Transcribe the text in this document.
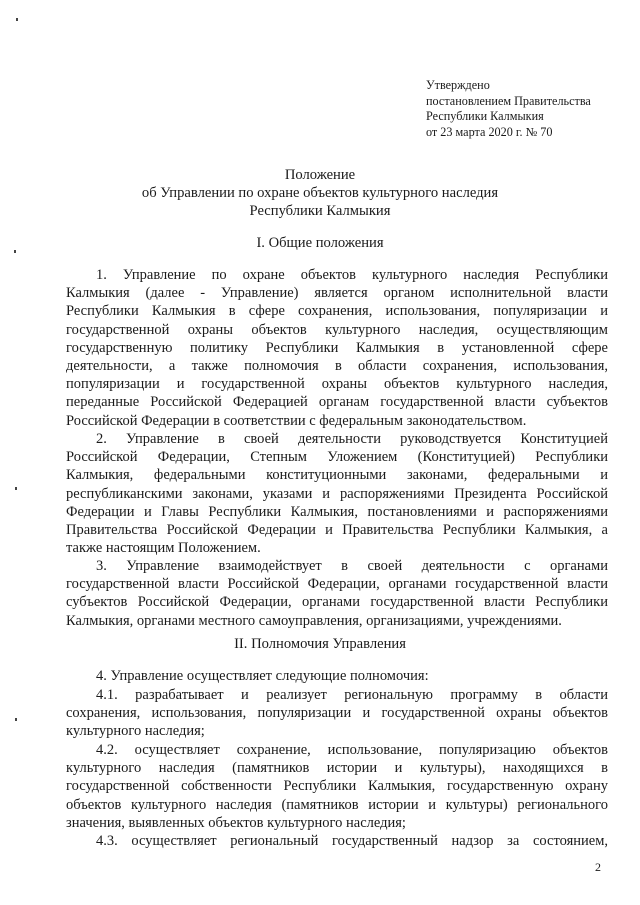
Утверждено
постановлением Правительства
Республики Калмыкия
от 23 марта 2020 г. № 70
Положение
об Управлении по охране объектов культурного наследия
Республики Калмыкия
I. Общие положения
1. Управление по охране объектов культурного наследия Республики
Калмыкия (далее - Управление) является органом исполнительной власти
Республики Калмыкия в сфере сохранения, использования, популяризации и
государственной охраны объектов культурного наследия, осуществляющим
государственную политику Республики Калмыкия в установленной сфере
деятельности, а также полномочия в области сохранения, использования,
популяризации и государственной охраны объектов культурного наследия,
переданные Российской Федерацией органам государственной власти субъектов
Российской Федерации в соответствии с федеральным законодательством.
2. Управление в своей деятельности руководствуется Конституцией
Российской Федерации, Степным Уложением (Конституцией) Республики
Калмыкия, федеральными конституционными законами, федеральными и
республиканскими законами, указами и распоряжениями Президента Российской
Федерации и Главы Республики Калмыкия, постановлениями и распоряжениями
Правительства Российской Федерации и Правительства Республики Калмыкия, а
также настоящим Положением.
3. Управление взаимодействует в своей деятельности с органами
государственной власти Российской Федерации, органами государственной власти
субъектов Российской Федерации, органами государственной власти Республики
Калмыкия, органами местного самоуправления, организациями, учреждениями.
II. Полномочия Управления
4. Управление осуществляет следующие полномочия:
4.1. разрабатывает и реализует региональную программу в области
сохранения, использования, популяризации и государственной охраны объектов
культурного наследия;
4.2. осуществляет сохранение, использование, популяризацию объектов
культурного наследия (памятников истории и культуры), находящихся в
государственной собственности Республики Калмыкия, государственную охрану
объектов культурного наследия (памятников истории и культуры) регионального
значения, выявленных объектов культурного наследия;
4.3. осуществляет региональный государственный надзор за состоянием,
2
